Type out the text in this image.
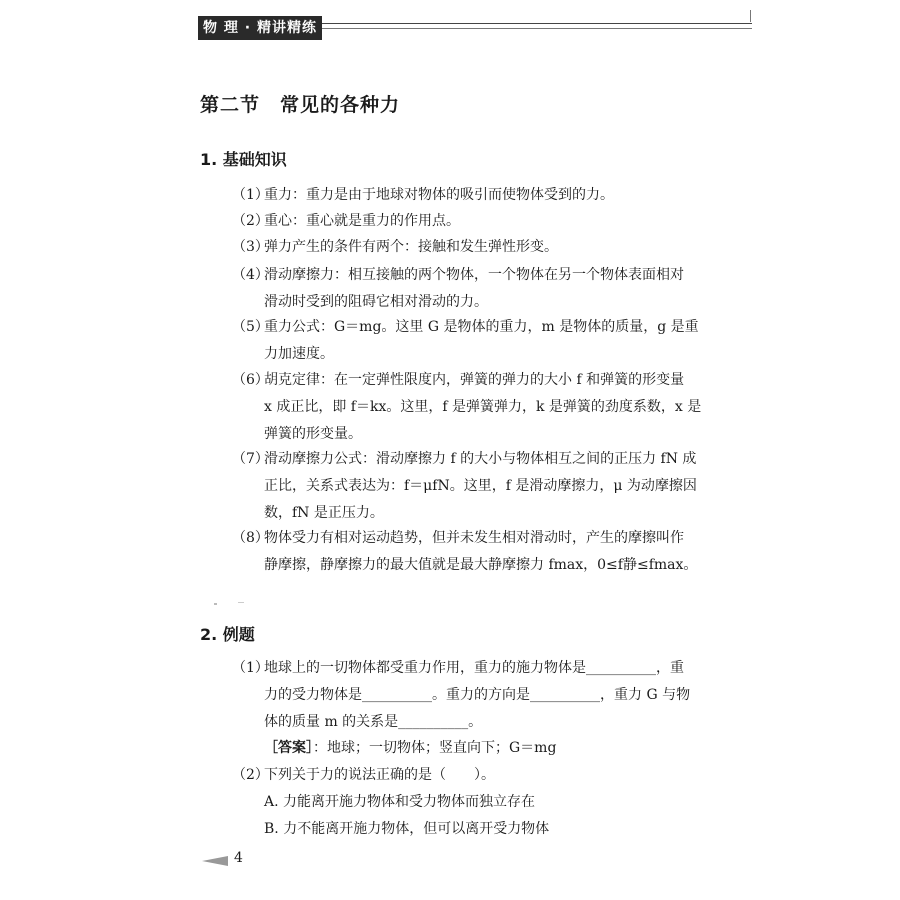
物 理 · 精讲精练
第二节　常见的各种力
1. 基础知识
（1）
重力：重力是由于地球对物体的吸引而使物体受到的力。
（2）
重心：重心就是重力的作用点。
（3）
弹力产生的条件有两个：接触和发生弹性形变。
（4）
滑动摩擦力：相互接触的两个物体，一个物体在另一个物体表面相对
滑动时受到的阻碍它相对滑动的力。
（5）
重力公式：G＝mg。这里 G 是物体的重力，m 是物体的质量，g 是重
力加速度。
（6）
胡克定律：在一定弹性限度内，弹簧的弹力的大小 f 和弹簧的形变量
x 成正比，即 f＝kx。这里，f 是弹簧弹力，k 是弹簧的劲度系数，x 是
弹簧的形变量。
（7）
滑动摩擦力公式：滑动摩擦力 f 的大小与物体相互之间的正压力 fN 成
正比，关系式表达为：f＝μfN。这里，f 是滑动摩擦力，μ 为动摩擦因
数，fN 是正压力。
（8）
物体受力有相对运动趋势，但并未发生相对滑动时，产生的摩擦叫作
静摩擦，静摩擦力的最大值就是最大静摩擦力 fmax，0≤f静≤fmax。
2. 例题
（1）
地球上的一切物体都受重力作用，重力的施力物体是__________，重
力的受力物体是__________。重力的方向是__________，重力 G 与物
体的质量 m 的关系是__________。
［答案］：地球；一切物体；竖直向下；G＝mg
（2）
下列关于力的说法正确的是（　　）。
A. 力能离开施力物体和受力物体而独立存在
B. 力不能离开施力物体，但可以离开受力物体
4
